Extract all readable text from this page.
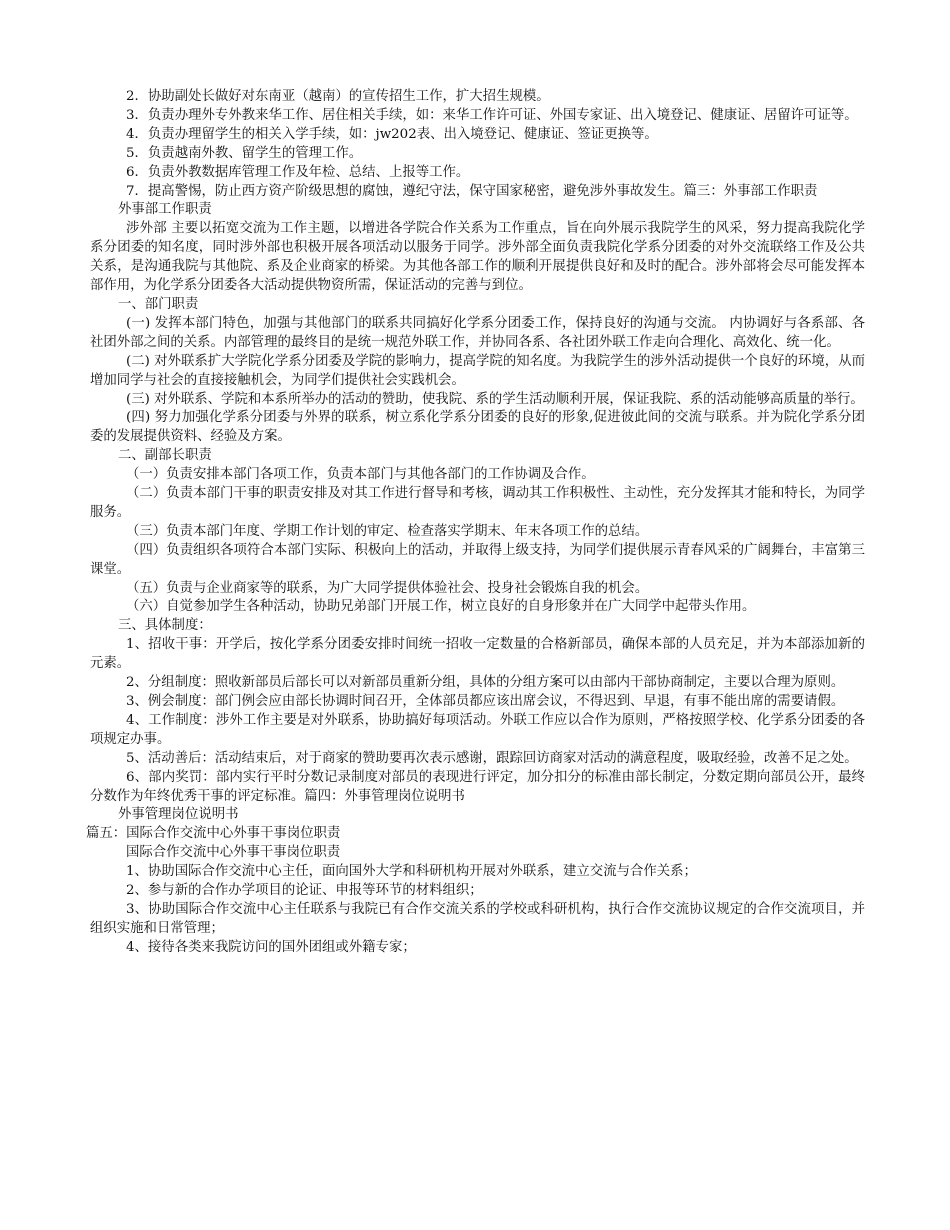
2．协助副处长做好对东南亚（越南）的宣传招生工作，扩大招生规模。

3．负责办理外专外教来华工作、居住相关手续，如：来华工作许可证、外国专家证、出入境登记、健康证、居留许可证等。

4．负责办理留学生的相关入学手续，如：jw202表、出入境登记、健康证、签证更换等。

5．负责越南外教、留学生的管理工作。

6．负责外教数据库管理工作及年检、总结、上报等工作。

7．提高警惕，防止西方资产阶级思想的腐蚀，遵纪守法，保守国家秘密，避免涉外事故发生。篇三：外事部工作职责

外事部工作职责

涉外部 主要以拓宽交流为工作主题，以增进各学院合作关系为工作重点，旨在向外展示我院学生的风采，努力提高我院化学系分团委的知名度，同时涉外部也积极开展各项活动以服务于同学。涉外部全面负责我院化学系分团委的对外交流联络工作及公共关系，是沟通我院与其他院、系及企业商家的桥梁。为其他各部工作的顺利开展提供良好和及时的配合。涉外部将会尽可能发挥本部作用，为化学系分团委各大活动提供物资所需，保证活动的完善与到位。

一、部门职责

(一) 发挥本部门特色，加强与其他部门的联系共同搞好化学系分团委工作，保持良好的沟通与交流。 内协调好与各系部、各社团外部之间的关系。内部管理的最终目的是统一规范外联工作，并协同各系、各社团外联工作走向合理化、高效化、统一化。

(二) 对外联系扩大学院化学系分团委及学院的影响力，提高学院的知名度。为我院学生的涉外活动提供一个良好的环境，从而增加同学与社会的直接接触机会，为同学们提供社会实践机会。

(三) 对外联系、学院和本系所举办的活动的赞助，使我院、系的学生活动顺利开展，保证我院、系的活动能够高质量的举行。

(四) 努力加强化学系分团委与外界的联系，树立系化学系分团委的良好的形象,促进彼此间的交流与联系。并为院化学系分团委的发展提供资料、经验及方案。

二、副部长职责

（一）负责安排本部门各项工作，负责本部门与其他各部门的工作协调及合作。

（二）负责本部门干事的职责安排及对其工作进行督导和考核，调动其工作积极性、主动性，充分发挥其才能和特长，为同学服务。

（三）负责本部门年度、学期工作计划的审定、检查落实学期末、年末各项工作的总结。

（四）负责组织各项符合本部门实际、积极向上的活动，并取得上级支持，为同学们提供展示青春风采的广阔舞台，丰富第三课堂。

（五）负责与企业商家等的联系，为广大同学提供体验社会、投身社会锻炼自我的机会。

（六）自觉参加学生各种活动，协助兄弟部门开展工作，树立良好的自身形象并在广大同学中起带头作用。

三、具体制度：

1、招收干事：开学后，按化学系分团委安排时间统一招收一定数量的合格新部员，确保本部的人员充足，并为本部添加新的元素。

2、分组制度：照收新部员后部长可以对新部员重新分组，具体的分组方案可以由部内干部协商制定，主要以合理为原则。

3、例会制度：部门例会应由部长协调时间召开，全体部员都应该出席会议，不得迟到、早退，有事不能出席的需要请假。

4、工作制度：涉外工作主要是对外联系，协助搞好每项活动。外联工作应以合作为原则，严格按照学校、化学系分团委的各项规定办事。

5、活动善后：活动结束后，对于商家的赞助要再次表示感谢，跟踪回访商家对活动的满意程度，吸取经验，改善不足之处。

6、部内奖罚：部内实行平时分数记录制度对部员的表现进行评定，加分扣分的标准由部长制定，分数定期向部员公开，最终分数作为年终优秀干事的评定标准。篇四：外事管理岗位说明书

外事管理岗位说明书

篇五：国际合作交流中心外事干事岗位职责

国际合作交流中心外事干事岗位职责

1、协助国际合作交流中心主任，面向国外大学和科研机构开展对外联系，建立交流与合作关系；

2、参与新的合作办学项目的论证、申报等环节的材料组织；

3、协助国际合作交流中心主任联系与我院已有合作交流关系的学校或科研机构，执行合作交流协议规定的合作交流项目，并组织实施和日常管理；

4、接待各类来我院访问的国外团组或外籍专家；
